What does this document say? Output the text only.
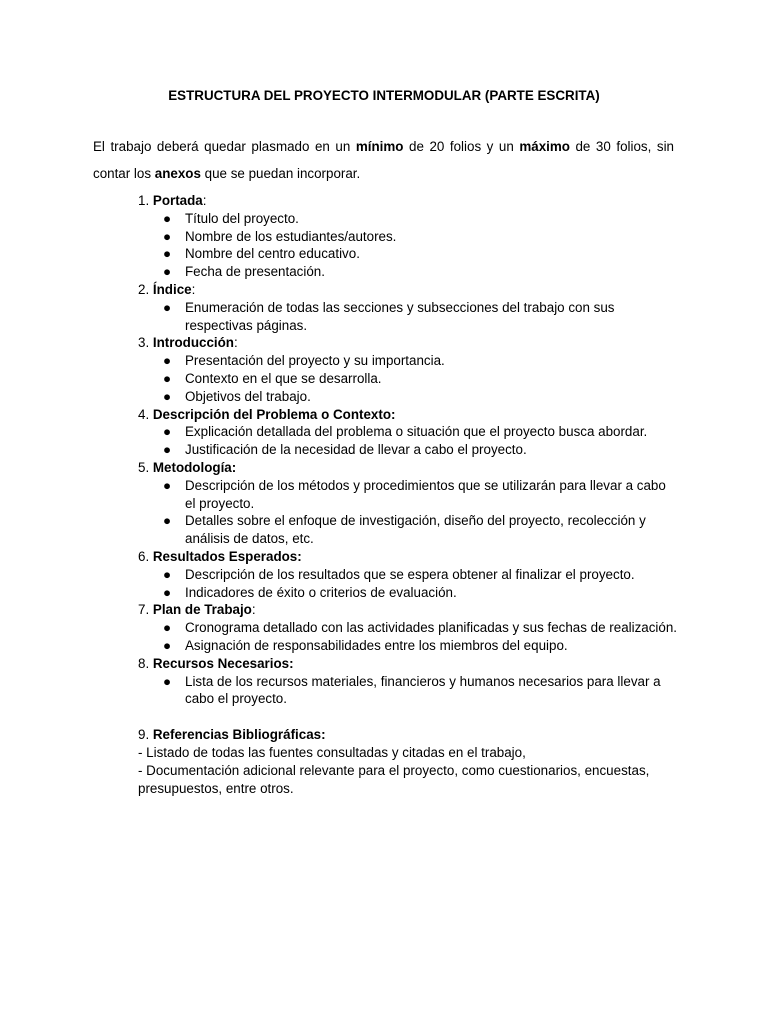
ESTRUCTURA DEL PROYECTO INTERMODULAR (PARTE ESCRITA)

El trabajo deberá quedar plasmado en un mínimo de 20 folios y un máximo de 30 folios, sin contar los anexos que se puedan incorporar.

1. Portada:

● Título del proyecto.
● Nombre de los estudiantes/autores.
● Nombre del centro educativo.
● Fecha de presentación.

2. Índice:

● Enumeración de todas las secciones y subsecciones del trabajo con sus respectivas páginas.

3. Introducción:

● Presentación del proyecto y su importancia.
● Contexto en el que se desarrolla.
● Objetivos del trabajo.

4. Descripción del Problema o Contexto:

● Explicación detallada del problema o situación que el proyecto busca abordar.
● Justificación de la necesidad de llevar a cabo el proyecto.

5. Metodología:

● Descripción de los métodos y procedimientos que se utilizarán para llevar a cabo el proyecto.
● Detalles sobre el enfoque de investigación, diseño del proyecto, recolección y análisis de datos, etc.

6. Resultados Esperados:

● Descripción de los resultados que se espera obtener al finalizar el proyecto.
● Indicadores de éxito o criterios de evaluación.

7. Plan de Trabajo:

● Cronograma detallado con las actividades planificadas y sus fechas de realización.
● Asignación de responsabilidades entre los miembros del equipo.

8. Recursos Necesarios:

● Lista de los recursos materiales, financieros y humanos necesarios para llevar a cabo el proyecto.

9. Referencias Bibliográficas:

- Listado de todas las fuentes consultadas y citadas en el trabajo,

- Documentación adicional relevante para el proyecto, como cuestionarios, encuestas, presupuestos, entre otros.
